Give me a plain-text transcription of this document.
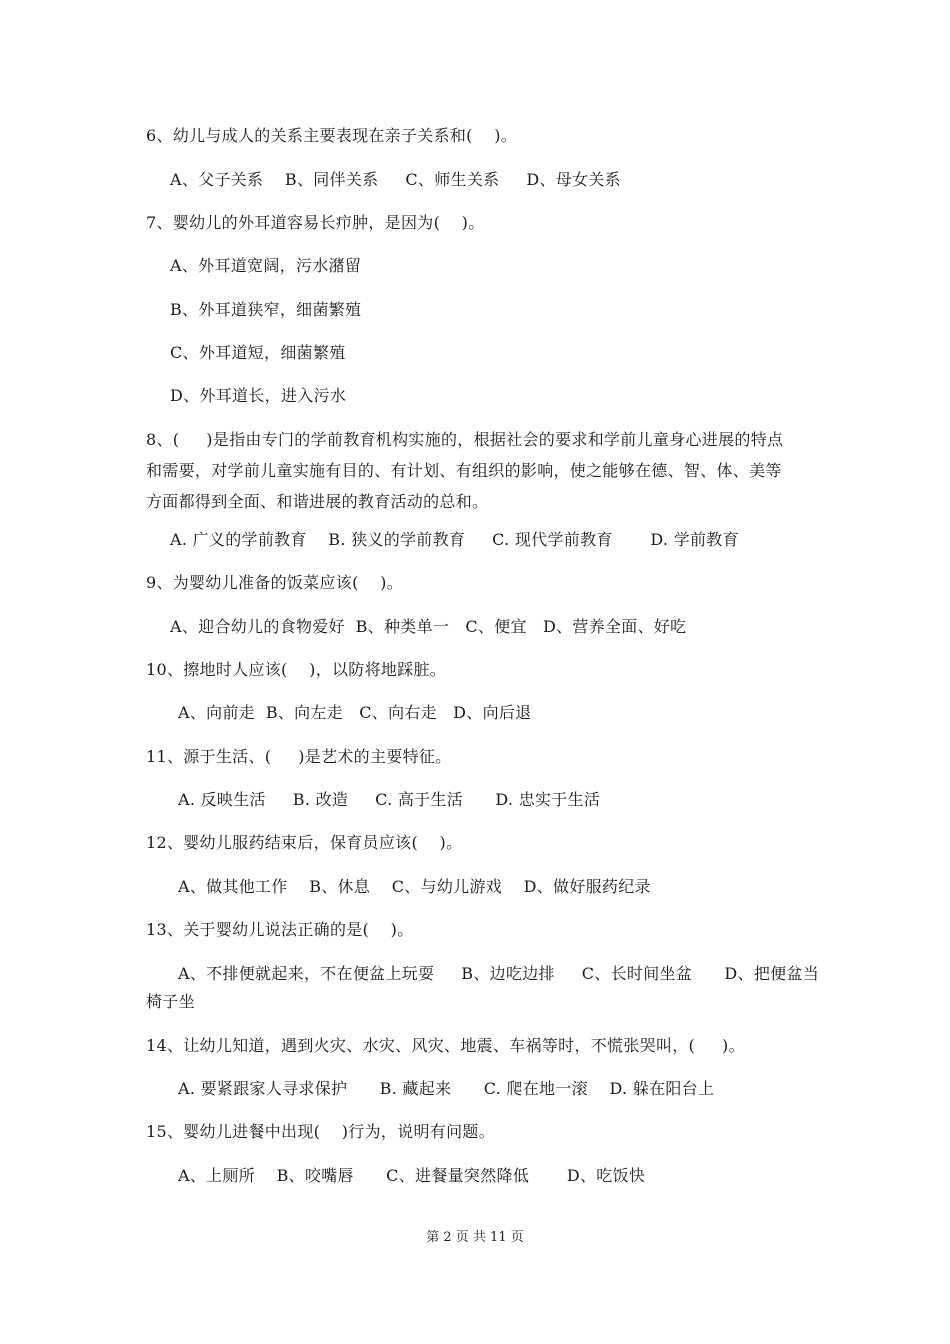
6、幼儿与成人的关系主要表现在亲子关系和(    )。
A、父子关系    B、同伴关系     C、师生关系     D、母女关系
7、婴幼儿的外耳道容易长疖肿，是因为(    )。
A、外耳道宽阔，污水潴留
B、外耳道狭窄，细菌繁殖
C、外耳道短，细菌繁殖
D、外耳道长，进入污水
8、(     )是指由专门的学前教育机构实施的，根据社会的要求和学前儿童身心进展的特点
和需要，对学前儿童实施有目的、有计划、有组织的影响，使之能够在德、智、体、美等
方面都得到全面、和谐进展的教育活动的总和。
A. 广义的学前教育    B. 狭义的学前教育     C. 现代学前教育       D. 学前教育
9、为婴幼儿准备的饭菜应该(    )。
A、迎合幼儿的食物爱好  B、种类单一   C、便宜   D、营养全面、好吃
10、擦地时人应该(    )，以防将地踩脏。
A、向前走  B、向左走   C、向右走   D、向后退
11、源于生活、(     )是艺术的主要特征。
A. 反映生活     B. 改造     C. 高于生活      D. 忠实于生活
12、婴幼儿服药结束后，保育员应该(    )。
A、做其他工作    B、休息    C、与幼儿游戏    D、做好服药纪录
13、关于婴幼儿说法正确的是(    )。
A、不排便就起来，不在便盆上玩耍     B、边吃边排     C、长时间坐盆      D、把便盆当
椅子坐
14、让幼儿知道，遇到火灾、水灾、风灾、地震、车祸等时，不慌张哭叫，(     )。
A. 要紧跟家人寻求保护      B. 藏起来      C. 爬在地一滚    D. 躲在阳台上
15、婴幼儿进餐中出现(    )行为，说明有问题。
A、上厕所    B、咬嘴唇      C、进餐量突然降低       D、吃饭快
第 2 页 共 11 页
